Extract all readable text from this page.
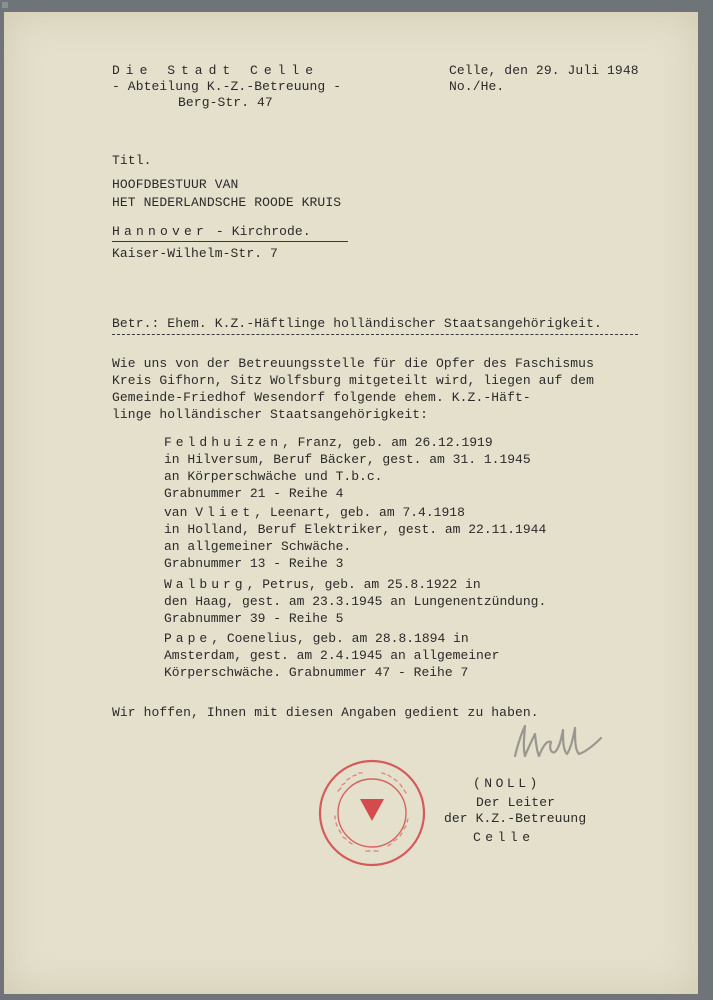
Die Stadt Celle

- Abteilung K.-Z.-Betreuung -

Berg-Str. 47

Celle, den 29. Juli 1948

No./He.

Titl.

HOOFDBESTUUR VAN

HET NEDERLANDSCHE ROODE KRUIS

Hannover - Kirchrode.

Kaiser-Wilhelm-Str. 7

Betr.: Ehem. K.Z.-Häftlinge holländischer Staatsangehörigkeit.

Wie uns von der Betreuungsstelle für die Opfer des Faschismus

Kreis Gifhorn, Sitz Wolfsburg mitgeteilt wird, liegen auf dem

Gemeinde-Friedhof Wesendorf folgende ehem. K.Z.-Häft-

linge holländischer Staatsangehörigkeit:

Feldhuizen, Franz, geb. am 26.12.1919

in Hilversum, Beruf Bäcker, gest. am 31. 1.1945

an Körperschwäche und T.b.c.

Grabnummer 21 - Reihe 4

van Vliet, Leenart, geb. am 7.4.1918

in Holland, Beruf Elektriker, gest. am 22.11.1944

an allgemeiner Schwäche.

Grabnummer 13 - Reihe 3

Walburg, Petrus, geb. am 25.8.1922 in

den Haag, gest. am 23.3.1945 an Lungenentzündung.

Grabnummer 39 - Reihe 5

Pape, Coenelius, geb. am 28.8.1894 in

Amsterdam, gest. am 2.4.1945 an allgemeiner

Körperschwäche. Grabnummer 47 - Reihe 7

Wir hoffen, Ihnen mit diesen Angaben gedient zu haben.

(NOLL)

Der Leiter

der K.Z.-Betreuung

Celle
